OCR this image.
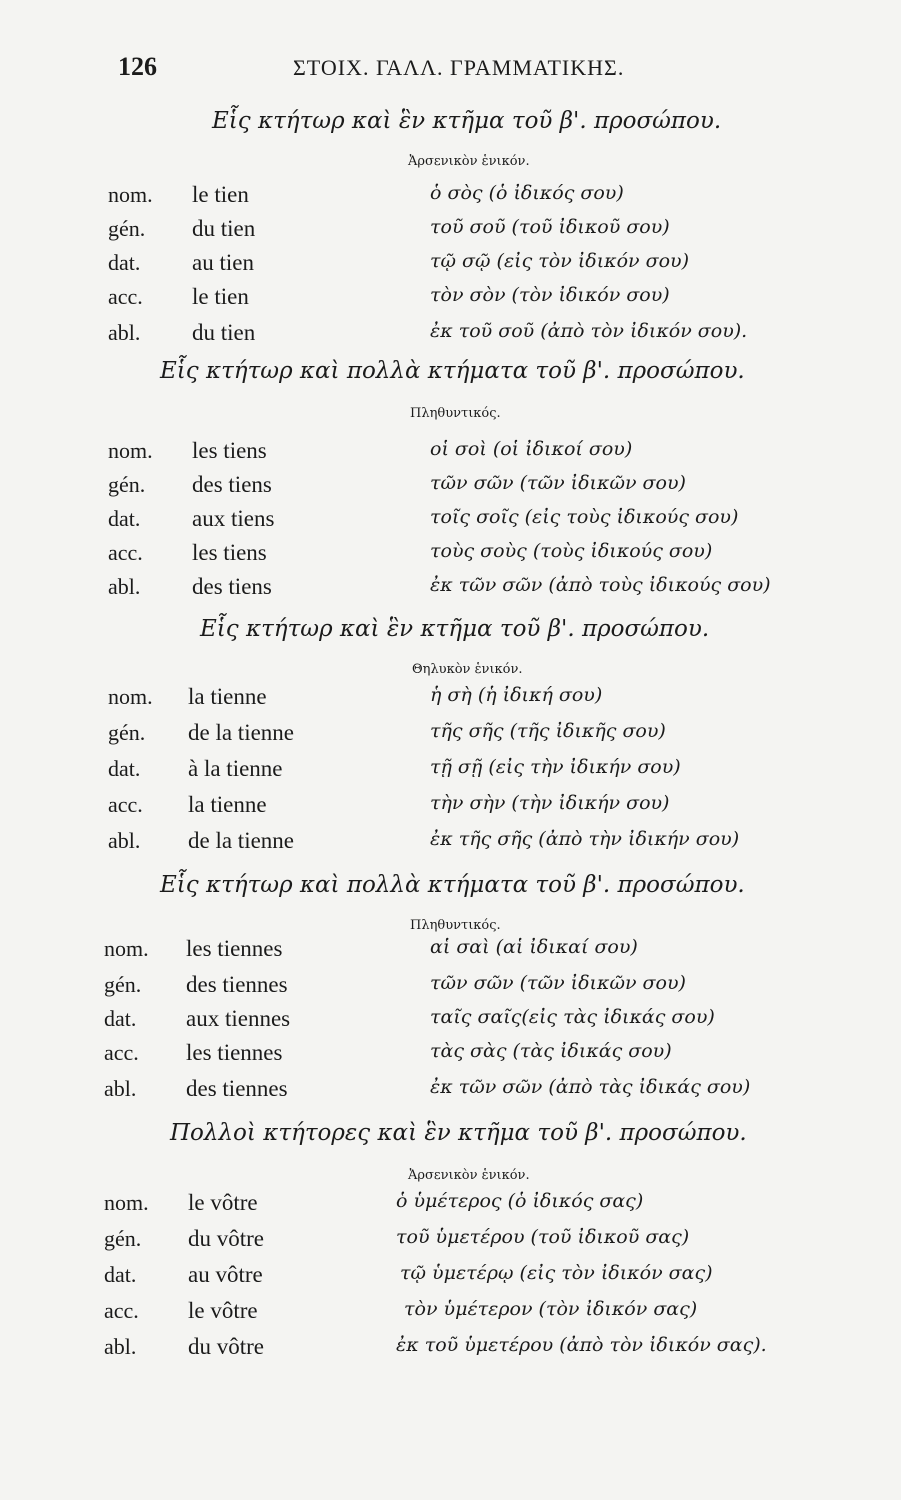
126	ΣΤΟΙΧ. ΓΑΛΛ. ΓΡΑΜΜΑΤΙΚΗΣ.
Εἷς κτήτωρ καὶ ἓν κτῆμα τοῦ β'. προσώπου.
Ἀρσενικὸν ἑνικόν.
nom. le tien	ὁ σὸς (ὁ ἰδικός σου)
gén. du tien	τοῦ σοῦ (τοῦ ἰδικοῦ σου)
dat. au tien	τῷ σῷ (εἰς τὸν ἰδικόν σου)
acc. le tien	τὸν σὸν (τὸν ἰδικόν σου)
abl. du tien	ἐκ τοῦ σοῦ (ἀπὸ τὸν ἰδικόν σου).
Εἷς κτήτωρ καὶ πολλὰ κτήματα τοῦ β'. προσώπου.
Πληθυντικός.
nom. les tiens	οἱ σοὶ (οἱ ἰδικοί σου)
gén. des tiens	τῶν σῶν (τῶν ἰδικῶν σου)
dat. aux tiens	τοῖς σοῖς (εἰς τοὺς ἰδικούς σου)
acc. les tiens	τοὺς σοὺς (τοὺς ἰδικούς σου)
abl. des tiens	ἐκ τῶν σῶν (ἀπὸ τοὺς ἰδικούς σου)
Εἷς κτήτωρ καὶ ἓν κτῆμα τοῦ β'. προσώπου.
Θηλυκὸν ἑνικόν.
nom. la tienne	ἡ σὴ (ἡ ἰδική σου)
gén. de la tienne	τῆς σῆς (τῆς ἰδικῆς σου)
dat. à la tienne	τῇ σῇ (εἰς τὴν ἰδικήν σου)
acc. la tienne	τὴν σὴν (τὴν ἰδικήν σου)
abl. de la tienne	ἐκ τῆς σῆς (ἀπὸ τὴν ἰδικήν σου)
Εἷς κτήτωρ καὶ πολλὰ κτήματα τοῦ β'. προσώπου.
Πληθυντικός.
nom. les tiennes	αἱ σαὶ (αἱ ἰδικαί σου)
gén. des tiennes	τῶν σῶν (τῶν ἰδικῶν σου)
dat. aux tiennes	ταῖς σαῖς(εἰς τὰς ἰδικάς σου)
acc. les tiennes	τὰς σὰς (τὰς ἰδικάς σου)
abl. des tiennes	ἐκ τῶν σῶν (ἀπὸ τὰς ἰδικάς σου)
Πολλοὶ κτήτορες καὶ ἓν κτῆμα τοῦ β'. προσώπου.
Ἀρσενικὸν ἑνικόν.
nom. le vôtre	ὁ ὑμέτερος (ὁ ἰδικός σας)
gén. du vôtre	τοῦ ὑμετέρου (τοῦ ἰδικοῦ σας)
dat. au vôtre	τῷ ὑμετέρῳ (εἰς τὸν ἰδικόν σας)
acc. le vôtre	τὸν ὑμέτερον (τὸν ἰδικόν σας)
abl. du vôtre	ἐκ τοῦ ὑμετέρου (ἀπὸ τὸν ἰδικόν σας).
